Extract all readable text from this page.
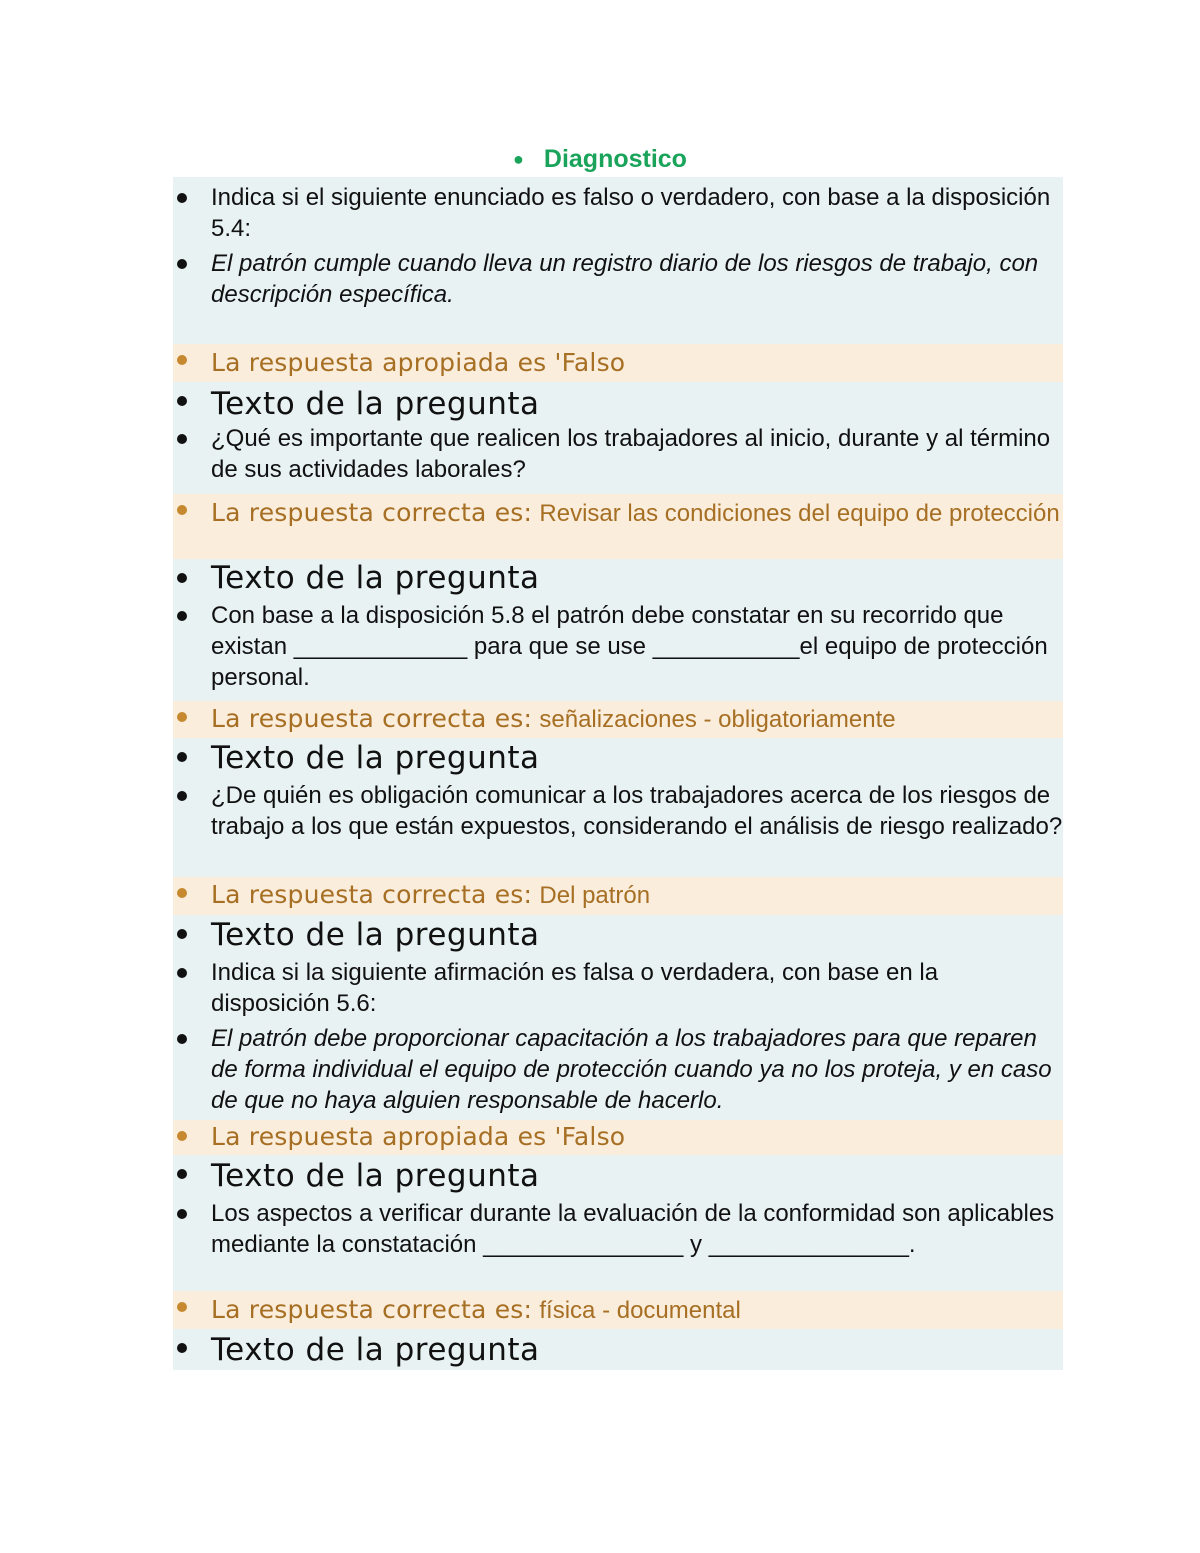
● Diagnostico
Indica si el siguiente enunciado es falso o verdadero, con base a la disposición 5.4:
El patrón cumple cuando lleva un registro diario de los riesgos de trabajo, con descripción específica.
La respuesta apropiada es 'Falso
Texto de la pregunta
¿Qué es importante que realicen los trabajadores al inicio, durante y al término de sus actividades laborales?
La respuesta correcta es: Revisar las condiciones del equipo de protección
Texto de la pregunta
Con base a la disposición 5.8 el patrón debe constatar en su recorrido que existan _____________ para que se use ___________el equipo de protección personal.
La respuesta correcta es: señalizaciones - obligatoriamente
Texto de la pregunta
¿De quién es obligación comunicar a los trabajadores acerca de los riesgos de trabajo a los que están expuestos, considerando el análisis de riesgo realizado?
La respuesta correcta es: Del patrón
Texto de la pregunta
Indica si la siguiente afirmación es falsa o verdadera, con base en la disposición 5.6:
El patrón debe proporcionar capacitación a los trabajadores para que reparen de forma individual el equipo de protección cuando ya no los proteja, y en caso de que no haya alguien responsable de hacerlo.
La respuesta apropiada es 'Falso
Texto de la pregunta
Los aspectos a verificar durante la evaluación de la conformidad son aplicables mediante la constatación _______________ y _______________.
La respuesta correcta es: física - documental
Texto de la pregunta
